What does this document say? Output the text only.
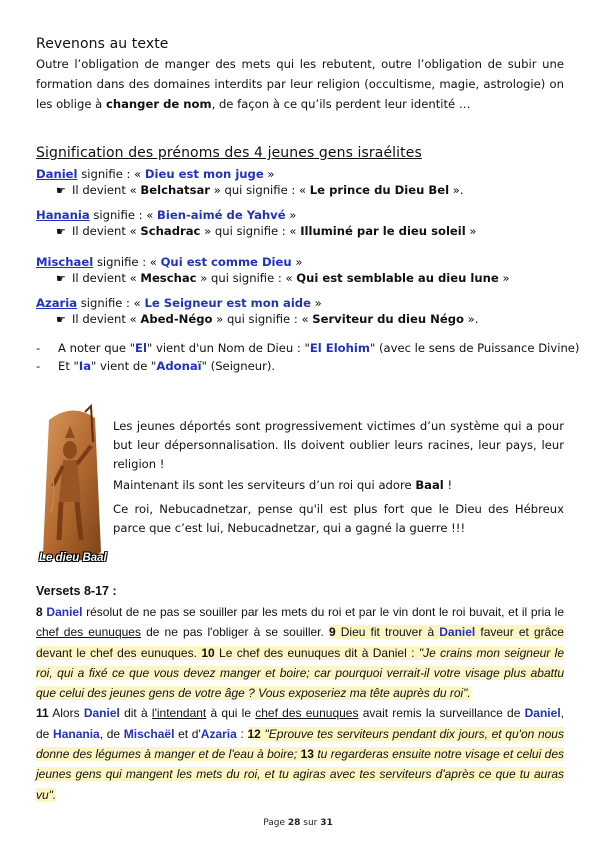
Revenons au texte
Outre l’obligation de manger des mets qui les rebutent, outre l’obligation de subir une formation dans des domaines interdits par leur religion (occultisme, magie, astrologie) on les oblige à changer de nom, de façon à ce qu’ils perdent leur identité …
Signification des prénoms des 4 jeunes gens israélites
Daniel signifie : « Dieu est mon juge »
☛ Il devient « Belchatsar » qui signifie : « Le prince du Dieu Bel ».
Hanania signifie : « Bien-aimé de Yahvé »
☛ Il devient « Schadrac » qui signifie : « Illuminé par le dieu soleil »
Mischael signifie : « Qui est comme Dieu »
☛ Il devient « Meschac » qui signifie : « Qui est semblable au dieu lune »
Azaria signifie : « Le Seigneur est mon aide »
☛ Il devient « Abed-Négo » qui signifie : « Serviteur du dieu Négo ».
- A noter que "El" vient d'un Nom de Dieu : "El Elohim" (avec le sens de Puissance Divine)
- Et "Ia" vient de "Adonaï" (Seigneur).
Le dieu Baal
Les jeunes déportés sont progressivement victimes d’un système qui a pour but leur dépersonnalisation. Ils doivent oublier leurs racines, leur pays, leur religion !
Maintenant ils sont les serviteurs d’un roi qui adore Baal !
Ce roi, Nebucadnetzar, pense qu'il est plus fort que le Dieu des Hébreux parce que c’est lui, Nebucadnetzar, qui a gagné la guerre !!!
Versets 8-17 :
8 Daniel résolut de ne pas se souiller par les mets du roi et par le vin dont le roi buvait, et il pria le chef des eunuques de ne pas l'obliger à se souiller. 9 Dieu fit trouver à Daniel faveur et grâce devant le chef des eunuques. 10 Le chef des eunuques dit à Daniel : "Je crains mon seigneur le roi, qui a fixé ce que vous devez manger et boire; car pourquoi verrait-il votre visage plus abattu que celui des jeunes gens de votre âge ? Vous exposeriez ma tête auprès du roi".
11 Alors Daniel dit à l'intendant à qui le chef des eunuques avait remis la surveillance de Daniel, de Hanania, de Mischaël et d'Azaria : 12 "Eprouve tes serviteurs pendant dix jours, et qu'on nous donne des légumes à manger et de l'eau à boire; 13 tu regarderas ensuite notre visage et celui des jeunes gens qui mangent les mets du roi, et tu agiras avec tes serviteurs d'après ce que tu auras vu".
Page 28 sur 31
